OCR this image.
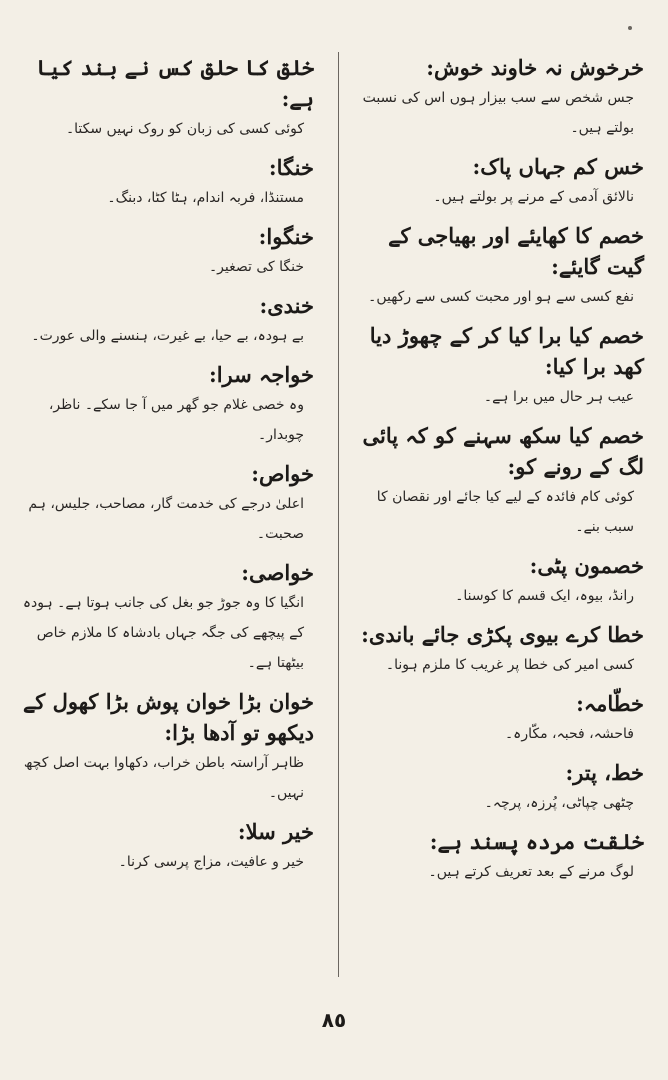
خرخوش نہ خاوند خوش:

جس شخص سے سب بیزار ہوں اس کی نسبت بولتے ہیں۔

خس کم جہاں پاک:

نالائق آدمی کے مرنے پر بولتے ہیں۔

خصم کا کھایئے اور بھیاجی کے گیت گایئے:

نفع کسی سے ہو اور محبت کسی سے رکھیں۔

خصم کیا برا کیا کر کے چھوڑ دیا کھد برا کیا:

عیب ہر حال میں برا ہے۔

خصم کیا سکھ سہنے کو کہ پائی لگ کے رونے کو:

کوئی کام فائدہ کے لیے کیا جائے اور نقصان کا سبب بنے۔

خصمون پٹی:

رانڈ، بیوہ، ایک قسم کا کوسنا۔

خطا کرے بیوی پکڑی جائے باندی:

کسی امیر کی خطا پر غریب کا ملزم ہونا۔

خطّامہ:

فاحشہ، فحبہ، مکّارہ۔

خط، پتر:

چٹھی چپاٹی، پُرزہ، پرچہ۔

خلقت مردہ پسند ہے:

لوگ مرنے کے بعد تعریف کرتے ہیں۔

خلق کا حلق کس نے بند کیا ہے:

کوئی کسی کی زبان کو روک نہیں سکتا۔

خنگا:

مستنڈا، فربہ اندام، ہٹا کٹا، دبنگ۔

خنگوا:

خنگا کی تصغیر۔

خندی:

بے ہودہ، بے حیا، بے غیرت، ہنسنے والی عورت۔

خواجہ سرا:

وہ خصی غلام جو گھر میں آ جا سکے۔ ناظر، چوبدار۔

خواص:

اعلیٰ درجے کی خدمت گار، مصاحب، جلیس، ہم صحبت۔

خواصی:

انگیا کا وہ جوڑ جو بغل کی جانب ہوتا ہے۔ ہودہ کے پیچھے کی جگہ جہاں بادشاہ کا ملازم خاص بیٹھتا ہے۔

خوان بڑا خوان پوش بڑا کھول کے دیکھو تو آدھا بڑا:

ظاہر آراستہ باطن خراب، دکھاوا بہت اصل کچھ نہیں۔

خیر سلا:

خیر و عافیت، مزاج پرسی کرنا۔

٨٥
